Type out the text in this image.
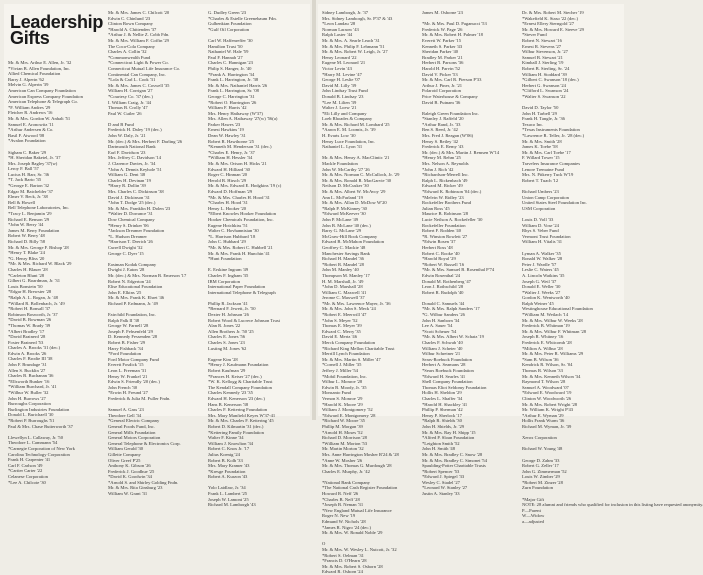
Leadership
Gifts
Mr. & Mrs. Arthur E. Allen, Jr. '32
*Vivian B. Allen Foundation, Inc.
Allied Chemical Foundation
Barry J. Alperin '62
Melvin G. Alperin '39
American Can Company Foundation
American Express Company Foundation
American Telephone & Telegraph Co.
*F. William Andres '29
Fletcher R. Andrews '16
Mr. & Mrs. Gordon W. Anhalt '51
Samuel E. Aronowitz '11
*Arthur Andersen & Co.
Basil F. Atwood '08
*Avalon Foundation

Sigham C. Baker '29
*H. Sheridan Baketel, Jr. '37
Mrs. Joseph Bagley '37(w)
Leroy F. Ball '57
Lucius H. Barr, Sr. '36
*T. Jack Barto '35
*George E. Barton '32
Edgar M. Batchelder '37
Elmer V. Beck, Jr. '38
Bell & Howell
Bell Telephone Laboratories, Inc.
*Tracy L. Benjamin '29
Richard E. Benson '29
*John W. Berry '44
James M. Berry Foundation
Robert W. Berry '48
Richard D. Billy '58
Mr. & Mrs. George F. Bishop '28
*Henry T. Blake '24
*G. Henry Bliss '20
*Mr. & Mrs. Richard W. Black '29
Charles H. Blauer '28
*Carleton Blunt '28
Gilbert G. Boardman, Jr. '31
Louis Bonstein '50
*Edgar H. Brewster '28
*Ralph A. L. Bogan, Jr. '48
*Willard R. Bollenbach, Jr. '49
*Robert H. Bonsall '37
Robinson Bosworth, Jr. '37
*David B. Bowman '26
*Thomas W. Brady '39
*Albert Bradley '17
*David Brainerd '28
Foster Brainerd '53
Charles A. Brooks '31 (dec.)
Edwin A. Brooks '26
Charles F. Brodie III '38
John F. Brundage '31
Allen S. Bucklin '27
Charles B. Buchanan '36
*Ellsworth Bunker '16
*William Burchard, Jr. '41
*Wilbur W. Buller '32
John H. Burrows '27
Burroughs Corporation
Burlington Industries Foundation
Donald L. Burtchaell '30
*Robert P. Burroughs '51
Paul & Mrs. Chase Butterworth '37

Llewellyn L. Callaway, Jr. '50
Theodore L. Cammann '54
*Carnegie Corporation of New York
Carolina Technology Corporation
Frank H. Carpenter '41
Carl F. Carlson '49
*Cartier Carter '22
Celanese Corporation
*Lee A. Chilcote '30
Mr. & Mrs. James C. Chilcott '20
Edwin C. Chinlund '23
Clinton Bown Company
*Harold A. Chittenden '37
*Arthur J. & Nellie Z. Cobb Fdn.
Mr. & Mrs. William F. Coffin '29
The Coca-Cola Company
Charles A. Collin '32
*Commonwealth Fund
*Connecticut Light & Power Co.
Connecticut Mutual Life Insurance Co.
Continental Can Company, Inc.
*Lola & Carl L. Cook '31
Mr. & Mrs. James C. Coswell '35
William H. Corrigan '27
*Courtesy Co. '37 (dec.)
I. William Craig, Jr. '44
Thomas B. Crolly '47
Paul W. Cutler '26

D and B Fund
Frederick H. Daley '19 (dec.)
John W. Daly, Jr. '21
Mr. (dec.) & Mrs. Herbert F. Darling '26
Dartmouth National Bank
Earl F. Davidson '23
Mrs. Jeffrey C. Davidson '14
J. Clarence Davies, Jr. '34
*John A. Dennis Keyhole '51
William G. Dent '48
Charles H. Devinan '19
*Harry R. Dollin '39
Mrs. Charles C. Dickinson '38
David J. Dickinson '31
*John T. Dodge '25 (dec.)
Mr. & Mrs. Franklin H. Dolen '23
*Walter D. Dorrance '31
Dow Chemical Company
*Henry S. Drinker '06
*Jackson Dreamer Foundation
*L. Hudson Dreamer
*Harrison T. Drerich '26
Currell Dwight '32
George C. Dyer '15

Eastman Kodak Company
Dwight J. Eaton '28
Mr. (dec.) & Mrs. Norman B. Emerson '17
Robert N. Edgerton '24
Elise Educational Foundation
John E. Elkins '25
Mr. & Mrs. Frank K. Ehret '46
Richard P. Erdmann, Jr. '49

Fairchild Foundation, Inc.
Ralph Falk II '38
George W. Farnell '28
Joseph F. Fehsenfeld '29
D. Kennedy Fessenden '28
Robert B. Fisher '29
Harry Fishback '34
*Ford Foundation
Ford Motor Company Fund
Everett Fosdick '15
Leon L. Freeman '31
Henry W. Frankel '21
Edwin S. Friendly '20 (dec.)
John French '30
*Erwin H. Freund '27
Frederick & Julia M. Fuller Fndn.

Samuel A. Gass '23
Theodore Gell '34
*General Electric Company
General Foods Fund, Inc.
General Mills Foundation
General Motors Corporation
General Telephone & Electronics Corp.
William Gerald '30
Gillette Company
Oliver Greef P'25
Anthony K. Gibson '26
Frederick J. Goodhue '25
*David K. Goodwin '34
*Arnold S. and Shirley Golding Fndn.
Mr. & Mrs. Rita Ginsburg '23
William W. Grant '31
G. Dudley Green '23
*Charles & Estelle Greenebaum Fdn.
Gulbenkian Foundation
*Gulf Oil Corporation

Carl W. Haffenreffer '30
Hamilton Trust '50
Nathaniel W. Hale '59
Paul F. Hannah '27
Charles C. Hannigan '23
Philip S. Hanger, Jr. '40
*Frank A. Harrington '34
Frank L. Harrington, Jr. '38
Mr. & Mrs. Nathaniel Harris '26
Frank L. Harrington, Sr. '08
George C. Harrington '31
*Robert O. Harrington '26
William F. Harris '42
Mrs. Henry Hathaway (W'37)
Mrs. Allen A. Hathaway '27(w) '56(a)
Parker Hawes '23
Ernest Hawkins '19
Dean W. Hawley '31
Robert R. Hawthorne '25
*Kenneth M. Henderson '31 (dec.)
*Charles E. Henry, Jr. '37
*William H. Hessler '34
Mr. & Mrs. Orison H. Hicks '21
Edward H. Hilliard '30
Roger C. Hinman '20
Herold B. Hirsch '29
Mr. & Mrs. Edward E. Hodgkins '19 (c)
Edward D. Hoffman '29
*Mr. & Mrs. Charles H. Hood '31
*Charles H. Hood '31
Henry L. Hooker '20
*Elbert Knowles Hooker Foundation
Hooker Chemicals Foundation, Inc.
Eugene Hotchkiss '51
Walter C. Hovhannisian '30
*L. Harrison Hubbard '18
John C. Hubbard '29
*Mr. & Mrs. Robert C. Hubbell '21
Mr. & Mrs. Frank H. Hunchin '41
*Hunt Foundation

E. Erskine Ingram '49
Charles F. Ingham '35
IBM Corporation
International Paper Foundation
International Telephone & Telegraph

Phillip R. Jackson '41
*Bernard F. Jewett, Jr. '50
Dexter H. Johnson '26
Robert Wood & Lucrece Johnson Trust
Alan R. Jones '22
Allen Brothers Jr. '50 '25
Charles E. Jones '56
Charles S. Jones '23
Lusting M. Jones '62

Eugene Kim '28
*Henry J. Kaufmann Foundation
Robert Kaufman '29
*Frances H. Keiser '27 (dec.)
*W. K. Kellogg & Charitable Trust
The Kendall Company Foundation
Charles Kennedy '23 '35
Edward H. Kenerson '23 (dec.)
Hans B. Kenerson '38
Charles F. Kettering Foundation
Mrs. Mary Manfield Keyes W'37-41
Mr. & Mrs. Charles F. Kettering '45
Robert D. Kilmartin '31 (dec.)
*Kettering Family Foundation
Walter F. Kinne '34
William J. Knowlton '34
Robert C. Knox Jr. '17
Julius Koenig '24
Robert B. Kolb '33
Mrs. Mary Kramer '43
*Kresge Foundation
Robert A. Kurzon '43

Yolo Laidlaw, Jr. '34
Frank L. Lambert '25
Joseph W. Lamont '25
Richard M. Lamborgh '43
Sidney Lamborgh, Jr. '37
Mrs. Sidney Lamborgh, Sr. P'37 & '43
*Leon Landau '28
Norman Laraow '43
Ralph Laster '44
Mr. & Mrs. A. Searle Leach '31
Mr. & Mrs. Philip F. Lehmann '51
Mr. & Mrs. Robert W. Leigh, Jr. '27
Henry Leonard '22
Eugene M. Leonard '21
Victor Levin '43
*Harry M. Levine '47
George H. Leslie '07
David M. Lilly '39
John Lindsay Trust Fund
Donald B. Lindsay '23
*Lee M. Lilien '39
Walter J. Loew '21
*Eli Lilly and Company
Loeb Rhoades & Company
Mr. & Mrs. Richard M. Lombard '25
*Aaron E. M. Loomis, Jr. '39
H. Evarts Low '30
Henry Luce Foundation, Inc.
Nathaniel L. Lyon '31

Mr. & Mrs. Henry A. MacClintic '21
Mackle Foundation
John W. McCarthy '27 '26
Mr. & Mrs. Norman C. McCulloch, Jr. '29
Mr. & Mrs. Ronald R. MacGarvie '30
Neilson D. McCusker '30
Mr. & Mrs. Albert W. McAvoy '29
Ann L. McFarland '19
Mr. & Mrs. Allan D. McDow W'20
*Ralph P. McKinney '30
*Edward McKeever '30
John P. McLane '49
John B. McLane '40 (dec.)
Barry G. McLane '29
McGraw-Hill Book Company
Edward B. McMahon Foundation
Geoffrey C. Mackie '48
Manchester Savings Bank
Richard H. Mandel '36
*Robert R. Mandel '28
John M. Manley '40
Thompson M. Manley '17
H. M. Marshall, Jr. '49
*John D. Marshall '28
William C. Maxwell '41
Jerome C. Maxwell '37
*Mr. & Mrs. Lawrence Mayer, Jr. '36
Mr. & Mrs. John S. Meck '24
*Robert E. Meerwill '47
*John S. Meyer '52
Thomas E. Meyer '39
Edward C. Merry '35
David E. Mertz '46
Merck Company Foundation
*Richard King Mellon Charitable Trust
Merrill Lynch Foundation
Mr. & Mrs. Martin S. Miller '47
*Cornell J. Miller '35
Jeffrey J. Miller '54
*Mobil Foundation, Inc.
Wilbur L. Monroe '28
Edwin B. Moody, Jr. '35
Monsanto Fund
Vernon S. Monroe '29
*Harold K. Moore '29
William J. Montgomery '52
*Edward E. Montgomery '28
*Richard W. Moore '35
Phillip M. Morgan '39
*Arnold H. Moses '52
Richard D. Morrison '28
*William M. Morton '53
Mr. Martin Morton '32
Mrs. Anne Harrington Mosher R'24 & '28
*Anne W. Mosher '26
Mr. & Mrs. Thomas G. Murdough '28
Charles E. Murphy, Jr. '42

*National Bank Company
*The National Cash Register Foundation
Howard R. Neff '26
*Charles B. Neff '28
*Joseph B. Neman '31
*New England Mutual Life Insurance
Roger N. New '19
Edmund W. Nichols '28
*James R. Nigro '24 (dec.)
Mr. & Mrs. W. Ronald Noble '29

O
Mr. & Mrs. W. Wesley L. Nutcott, Jr. '32
*Robert S. Oelman '31
*Francis D. O'Hearn '28
Mr. & Mrs. Robert S. Osborn '28
Edward R. Osborn '24
James M. Osborne '23

*Mr. & Mrs. Paul D. Paganucci '53
Frederick W. Page '26
Mr. & Mrs. Robert H. Palmer '18
Everett W. Parker '15
Kenneth S. Parker '43
Sheridan Parker '40
Bradley M. Parker '21
Herbert B. Parsons '36
Harold H. Parvin '52
David V. Picker '53
Mr. & Mrs. Carl R. Pierson P'33
Arthur J. Piner, Jr. '21
Polaroid Corporation
Price Waterhouse & Company
David B. Putnam '36

Raleigh Green Foundation Inc.
*Stanley J. Raffeld '20
*Arthur Rand, Jr. '33
Ben S. Reed, Jr. '42
Mrs. Fred J. Reagan (W'06)
Henry S. Reiley '42
Frederick E. Remy '43
Mr. (dec.) & Mrs. Martin J. Remsen W'14
*Henry M. Rehm '25
Mrs. Nelson A. Reynolds
*John J. Rich '42
*Richardson-Merrell Inc.
Ralph L. Rickenbach '49
Edward M. Ricker '49
*Edward K. Robinson '04 (dec.)
*Melvin W. Ridley '23
Rockefeller Brothers Fund
Julian Ross '45
Maurice B. Robinson '28
Lucie Neilson A. Rockefeller '30
Rockefeller Foundation
Robert F. Rodden '40
*R. Winston Rowlett '27
*Edwin Rosen '37
Herbert Ross '48
Robert C. Rooke '40
*Harold Royal '29
*Robert W. Russell '16
*Mr. & Mrs. Samuel B. Rosenthal P'74
Edwin Rosenthal '24
Donald M. Rothenberg '47
Leon J. Rothschild '28
Robert R. Rudolph '40

Donald C. Samuels '44
*Mr. & Mrs. Ralph Sanders '17
*G. Wilbur Sanders '26
John H. Sanborn '34
Lee A. Sauer '54
*Scott Scheuer '54
*Mr. & Mrs. Albert W. Schatz '19
Charles F. Schwab '40
William J. Scheier '40
Wilbur Schreiner '21
Sears-Roebuck Foundation
Herbert A. Seamans '28
*Sears Roebuck Foundation
*Edward H. Searles '41
Shell Company Foundation
Thomas Eliot Seldomy Foundation
Hollis H. Sheldon '29
Charles L. Shaffer '34
*Harold H. Shackley '41
Phillip P. Sherman '42
Henry P. Sherlock '17
*Ralph R. Shields '30
John H. Shields, Jr. '29
Mr. & Mrs. Ray H. Shipp '15
*Alfred P. Sloan Foundation
*Leighton Smith '52
John H. Smith '48
Mr. & Mrs. Bradley C. Snow '28
Mr. & Mrs. Bradley C. Simonet '54
Spaulding-Potter Charitable Trusts
*Robert Spencer '53
*Edward J. Spiegel '33
Wesley C. Stadel '27
*Leonard W. Stanley '27
Justin A. Stanley '33
Dr. & Mrs. Robert M. Stecher '19
*Wakefield K. Staso '22 (dec.)
*Ernest Ellery Sterngold '27
Mr. & Mrs. Howard E. Steeve '29
*Stever Fund
Robert N. Stewart '16
Ernest R. Stevens '27
Wilbur Stevenson, Jr. '27
Samuel B. Stewart '21
Kimball J. Sterling '19
Robert B. Sterling, Sr. '24
William H. Stoddard '39
*Gilbert C. Swanson '18 (dec.)
Herbert G. Swanson '24
*Clifford L. Swanson '24
*Walter S. Swanson '22

David D. Taylor '50
John H. Tarbell '29
Frank H. Tangle, Jr. '36
Texaco Inc.
*Texas Instruments Foundation
*Lawrence R. Teller, Jr. '28 (dec.)
Mr. & Mrs. Smith '28
James K. Toebe '58
Mr. & Mrs. Carl Toebe '17
F. Willard Tower '15
Travelers Insurance Companies
Lenore Tremaine Fund
Mrs. N. Pitkerry Tuck W'19
Robert T. Tuach '12

Richard Umbers '23
Union Camp Corporation
United States Steel Foundation Inc.
USM Corporation

Louis D. Voll '33
William D. Vose '24
Rhys S. Veber Fund
Vermont Trust Foundation
William H. Vitalis '31

Lyman A. Walker '35
Ronald W. Walker '28
Peter J. Wardle '57
Leslie C. Waters '45
A. Lincoln Watkins '35
Joseph G. Weil '37
Donald E. Weller '30
*Walter J. Weeks '27
Gordon K. Wentworth '40
Ralph Weiner '45
Westinghouse Educational Foundation
*William M. Wetlach '14
Mr. & Mrs. Wilbur W. Weeks '28
Frederick B. Whitman '19
Mr. & Mrs. Wilbur F. Whitman '28
Joseph R. Whitney '16
Frederick E. Whitcomb '28
*Milton A. Wilbur '28
Mr. & Mrs. Peter R. Williams '29
*Sam B. Wilson '36
Kendrick R. Wilson, Sr. '04
Thomas R. Wilson '33
Mr. & Mrs. Kenneth Wilson '34
Raymond T. Wilson '28
Samuel A. Woodward '07
*Edward E. Woodward '19
Clinton W. Woodworth '26
Mr. & Mrs. Robert Wright '28
Mr. William K. Wright P'43
*Arthur E. Wyman '29
Hollis Frank Wurm '36
Richard M. Wyman, Jr. '39

Xerox Corporation

Richard W. Young '48

George D. Zahm '33
Robert G. Zeller '17
John G. Zimmerman '52
Louis W. Zimber '29
*Robert M. Zinzer '28
Zurn Foundation

*Major Gift
NOTE: 28 alumni and friends who qualified for inclusion in this listing have requested anonymity.
P—Parent
W—Widow
a—adjusted
